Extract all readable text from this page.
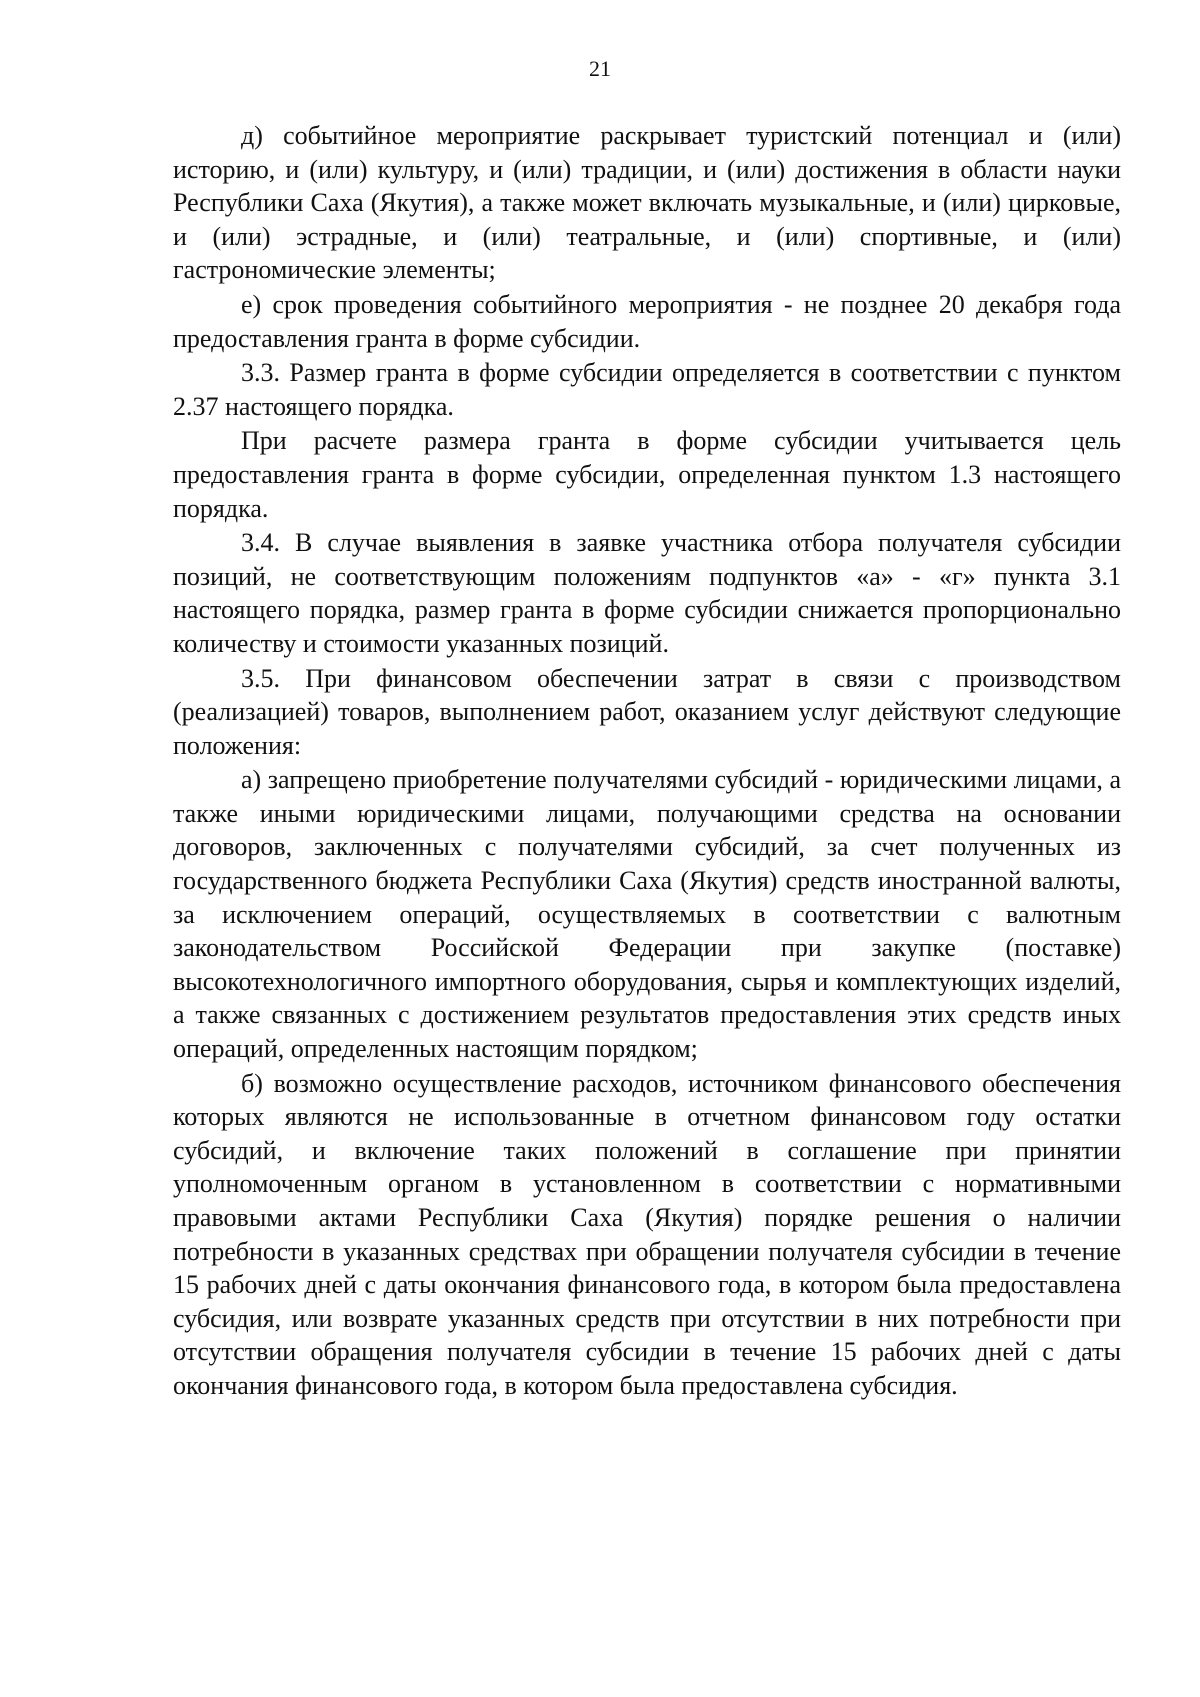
21

д) событийное мероприятие раскрывает туристский потенциал и (или) историю, и (или) культуру, и (или) традиции, и (или) достижения в области науки Республики Саха (Якутия), а также может включать музыкальные, и (или) цирковые, и (или) эстрадные, и (или) театральные, и (или) спортивные, и (или) гастрономические элементы;

е) срок проведения событийного мероприятия - не позднее 20 декабря года предоставления гранта в форме субсидии.

3.3. Размер гранта в форме субсидии определяется в соответствии с пунктом 2.37 настоящего порядка.

При расчете размера гранта в форме субсидии учитывается цель предоставления гранта в форме субсидии, определенная пунктом 1.3 настоящего порядка.

3.4. В случае выявления в заявке участника отбора получателя субсидии позиций, не соответствующим положениям подпунктов «а» - «г» пункта 3.1 настоящего порядка, размер гранта в форме субсидии снижается пропорционально количеству и стоимости указанных позиций.

3.5. При финансовом обеспечении затрат в связи с производством (реализацией) товаров, выполнением работ, оказанием услуг действуют следующие положения:

а) запрещено приобретение получателями субсидий - юридическими лицами, а также иными юридическими лицами, получающими средства на основании договоров, заключенных с получателями субсидий, за счет полученных из государственного бюджета Республики Саха (Якутия) средств иностранной валюты, за исключением операций, осуществляемых в соответствии с валютным законодательством Российской Федерации при закупке (поставке) высокотехнологичного импортного оборудования, сырья и комплектующих изделий, а также связанных с достижением результатов предоставления этих средств иных операций, определенных настоящим порядком;

б) возможно осуществление расходов, источником финансового обеспечения которых являются не использованные в отчетном финансовом году остатки субсидий, и включение таких положений в соглашение при принятии уполномоченным органом в установленном в соответствии с нормативными правовыми актами Республики Саха (Якутия) порядке решения о наличии потребности в указанных средствах при обращении получателя субсидии в течение 15 рабочих дней с даты окончания финансового года, в котором была предоставлена субсидия, или возврате указанных средств при отсутствии в них потребности при отсутствии обращения получателя субсидии в течение 15 рабочих дней с даты окончания финансового года, в котором была предоставлена субсидия.
